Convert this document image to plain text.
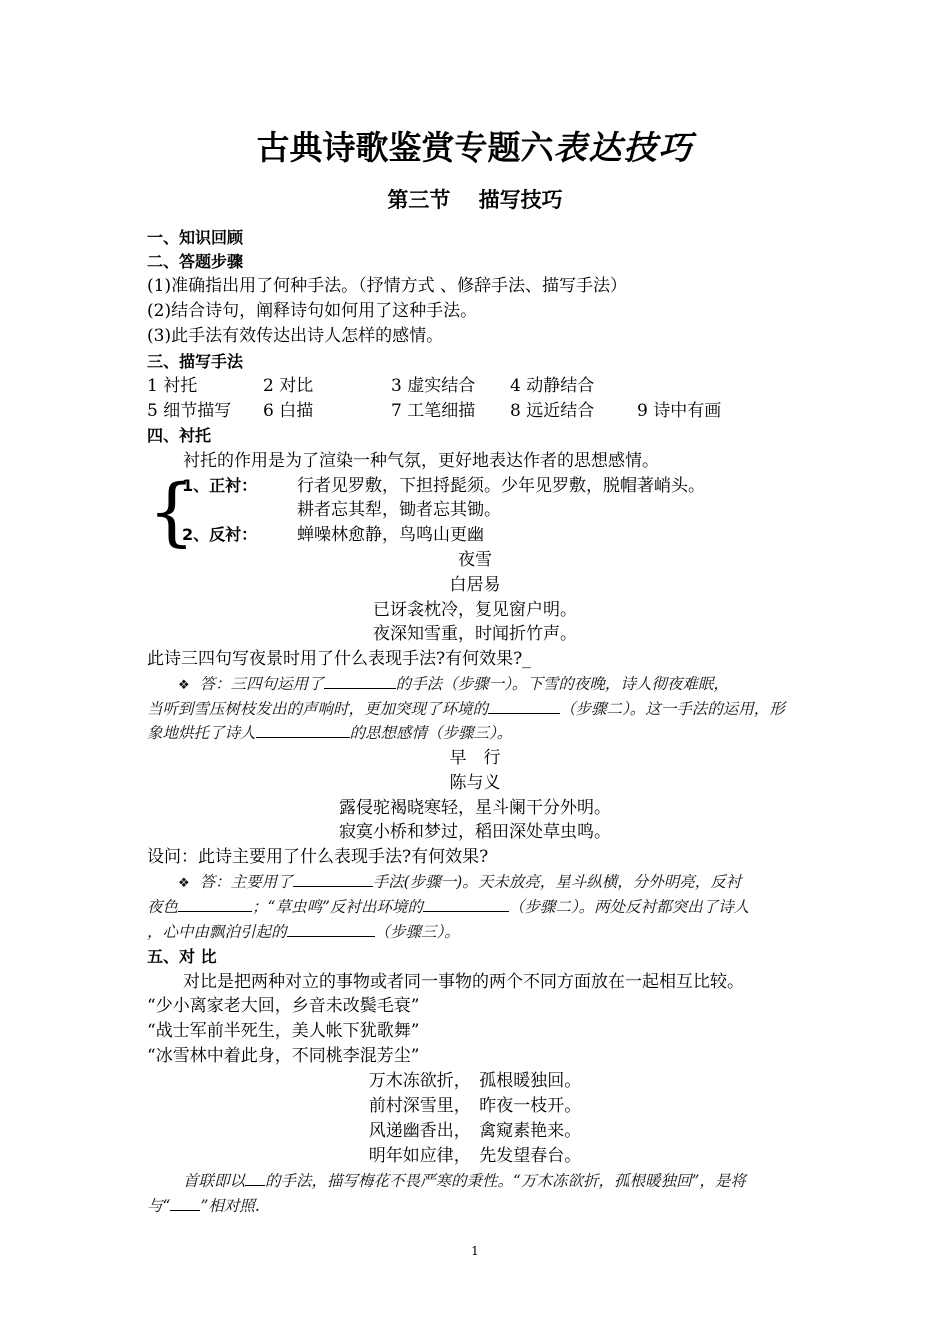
古典诗歌鉴赏专题六表达技巧
第三节　 描写技巧
一、知识回顾
二、答题步骤
(1)准确指出用了何种手法。（抒情方式 、修辞手法、描写手法）
(2)结合诗句，阐释诗句如何用了这种手法。
(3)此手法有效传达出诗人怎样的感情。
三、描写手法
1 衬托	2 对比	3 虚实结合 4 动静结合
5 细节描写 6 白描	7 工笔细描 8 远近结合	9 诗中有画
四、衬托
衬托的作用是为了渲染一种气氛，更好地表达作者的思想感情。
{
1、正衬： 行者见罗敷，下担捋髭须。少年见罗敷，脱帽著峭头。
耕者忘其犁，锄者忘其锄。
2、反衬： 蝉噪林愈静，鸟鸣山更幽
夜雪
白居易
已讶衾枕冷，复见窗户明。
夜深知雪重，时闻折竹声。
此诗三四句写夜景时用了什么表现手法?有何效果?_
❖ 答：三四句运用了	的手法（步骤一）。下雪的夜晚，诗人彻夜难眠，
当听到雪压树枝发出的声响时，更加突现了环境的	（步骤二）。这一手法的运用，形
象地烘托了诗人	的思想感情（步骤三）。
早　行
陈与义
露侵驼褐晓寒轻，星斗阑干分外明。
寂寞小桥和梦过，稻田深处草虫鸣。
设问：此诗主要用了什么表现手法?有何效果?
❖ 答：主要用了	手法(步骤一)。天未放亮，星斗纵横，分外明亮，反衬
夜色	；“草虫鸣”反衬出环境的	（步骤二）。两处反衬都突出了诗人
，心中由飘泊引起的	（步骤三）。
五、对 比
对比是把两种对立的事物或者同一事物的两个不同方面放在一起相互比较。
“少小离家老大回，乡音未改鬓毛衰”
“战士军前半死生，美人帐下犹歌舞”
“冰雪林中着此身，不同桃李混芳尘”
万木冻欲折，　孤根暖独回。
前村深雪里，　昨夜一枝开。
风递幽香出，　禽窥素艳来。
明年如应律，　先发望春台。
首联即以 的手法，描写梅花不畏严寒的秉性。“万木冻欲折，孤根暖独回”，是将
与“ ”相对照.
1
